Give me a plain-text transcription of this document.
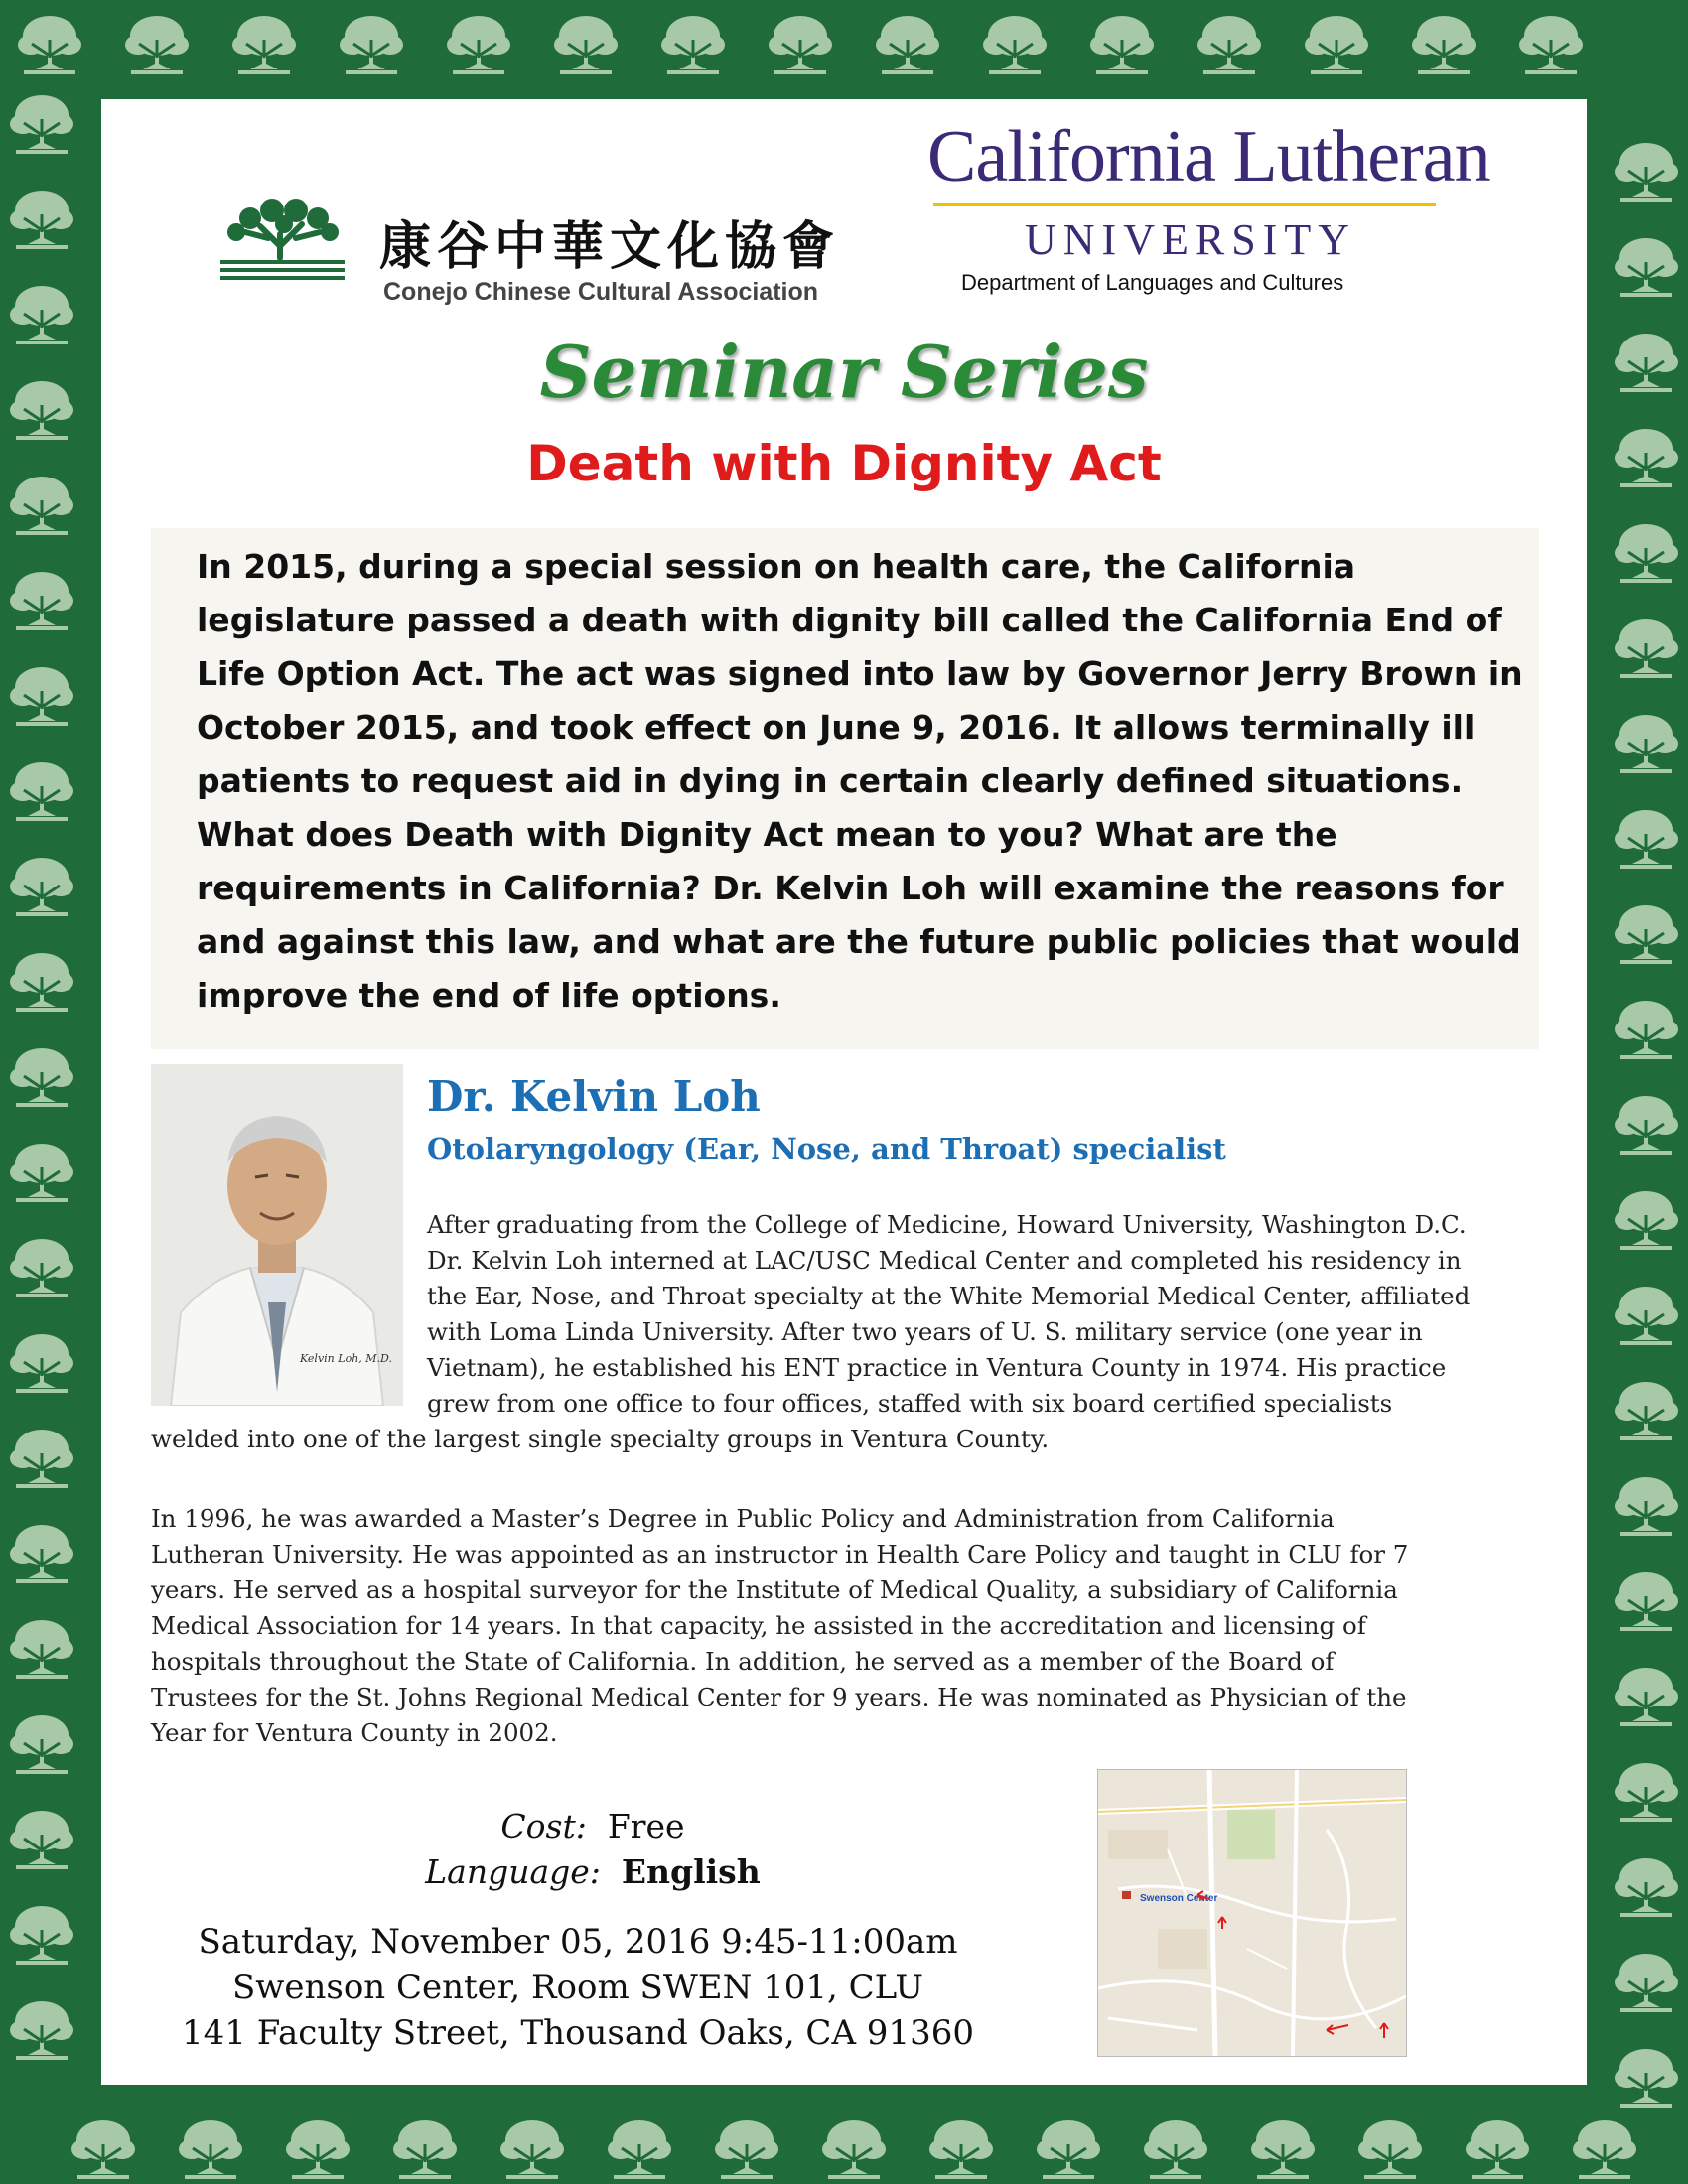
康谷中華文化協會
Conejo Chinese Cultural Association
California Lutheran
UNIVERSITY
Department of Languages and Cultures
Seminar Series
Death with Dignity Act
In 2015, during a special session on health care, the California legislature passed a death with dignity bill called the California End of Life Option Act. The act was signed into law by Governor Jerry Brown in October 2015, and took effect on June 9, 2016. It allows terminally ill patients to request aid in dying in certain clearly defined situations. What does Death with Dignity Act mean to you? What are the requirements in California? Dr. Kelvin Loh will examine the reasons for and against this law, and what are the future public policies that would improve the end of life options.
Kelvin Loh, M.D.
Dr. Kelvin Loh
Otolaryngology (Ear, Nose, and Throat) specialist
After graduating from the College of Medicine, Howard University, Washington D.C.
Dr. Kelvin Loh interned at LAC/USC Medical Center and completed his residency in
the Ear, Nose, and Throat specialty at the White Memorial Medical Center, affiliated
with Loma Linda University. After two years of U. S. military service (one year in
Vietnam), he established his ENT practice in Ventura County in 1974. His practice
grew from one office to four offices, staffed with six board certified specialists
welded into one of the largest single specialty groups in Ventura County.
In 1996, he was awarded a Master’s Degree in Public Policy and Administration from California
Lutheran University. He was appointed as an instructor in Health Care Policy and taught in CLU for 7
years. He served as a hospital surveyor for the Institute of Medical Quality, a subsidiary of California
Medical Association for 14 years. In that capacity, he assisted in the accreditation and licensing of
hospitals throughout the State of California. In addition, he served as a member of the Board of
Trustees for the St. Johns Regional Medical Center for 9 years. He was nominated as Physician of the
Year for Ventura County in 2002.
Cost: Free
Language: English
Saturday, November 05, 2016 9:45-11:00am
Swenson Center, Room SWEN 101, CLU
141 Faculty Street, Thousand Oaks, CA 91360
Swenson Center
